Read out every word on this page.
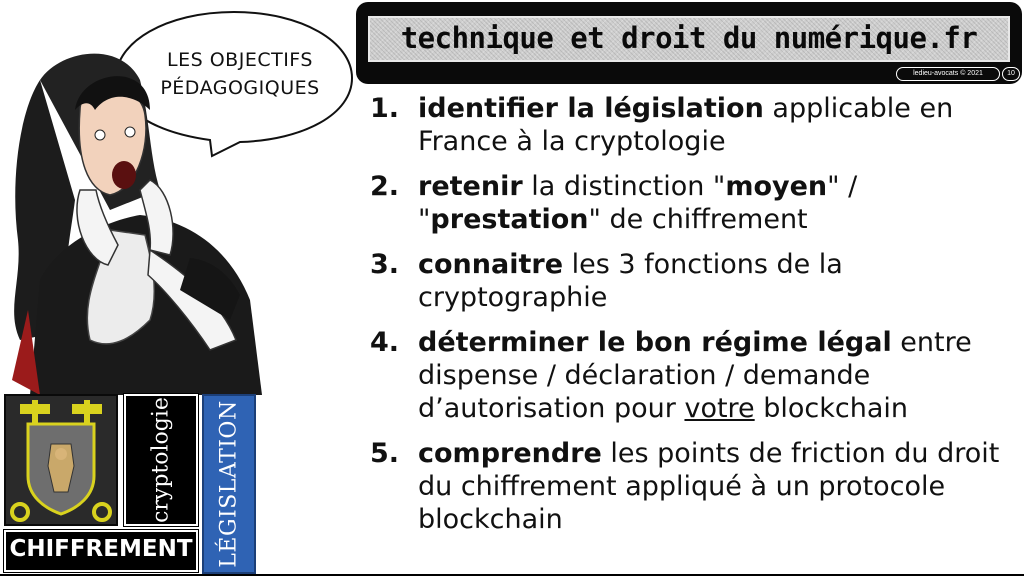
technique et droit du numérique.fr
ledieu-avocats © 2021	10
LES OBJECTIFS
PÉDAGOGIQUES
cryptologie
CHIFFREMENT LÉGISLATION
1. identifier la législation applicable en France à la cryptologie
2. retenir la distinction "moyen" / "prestation" de chiffrement
3. connaitre les 3 fonctions de la cryptographie
4. déterminer le bon régime légal entre dispense / déclaration / demande d’autorisation pour votre blockchain
5. comprendre les points de friction du droit du chiffrement appliqué à un protocole blockchain
